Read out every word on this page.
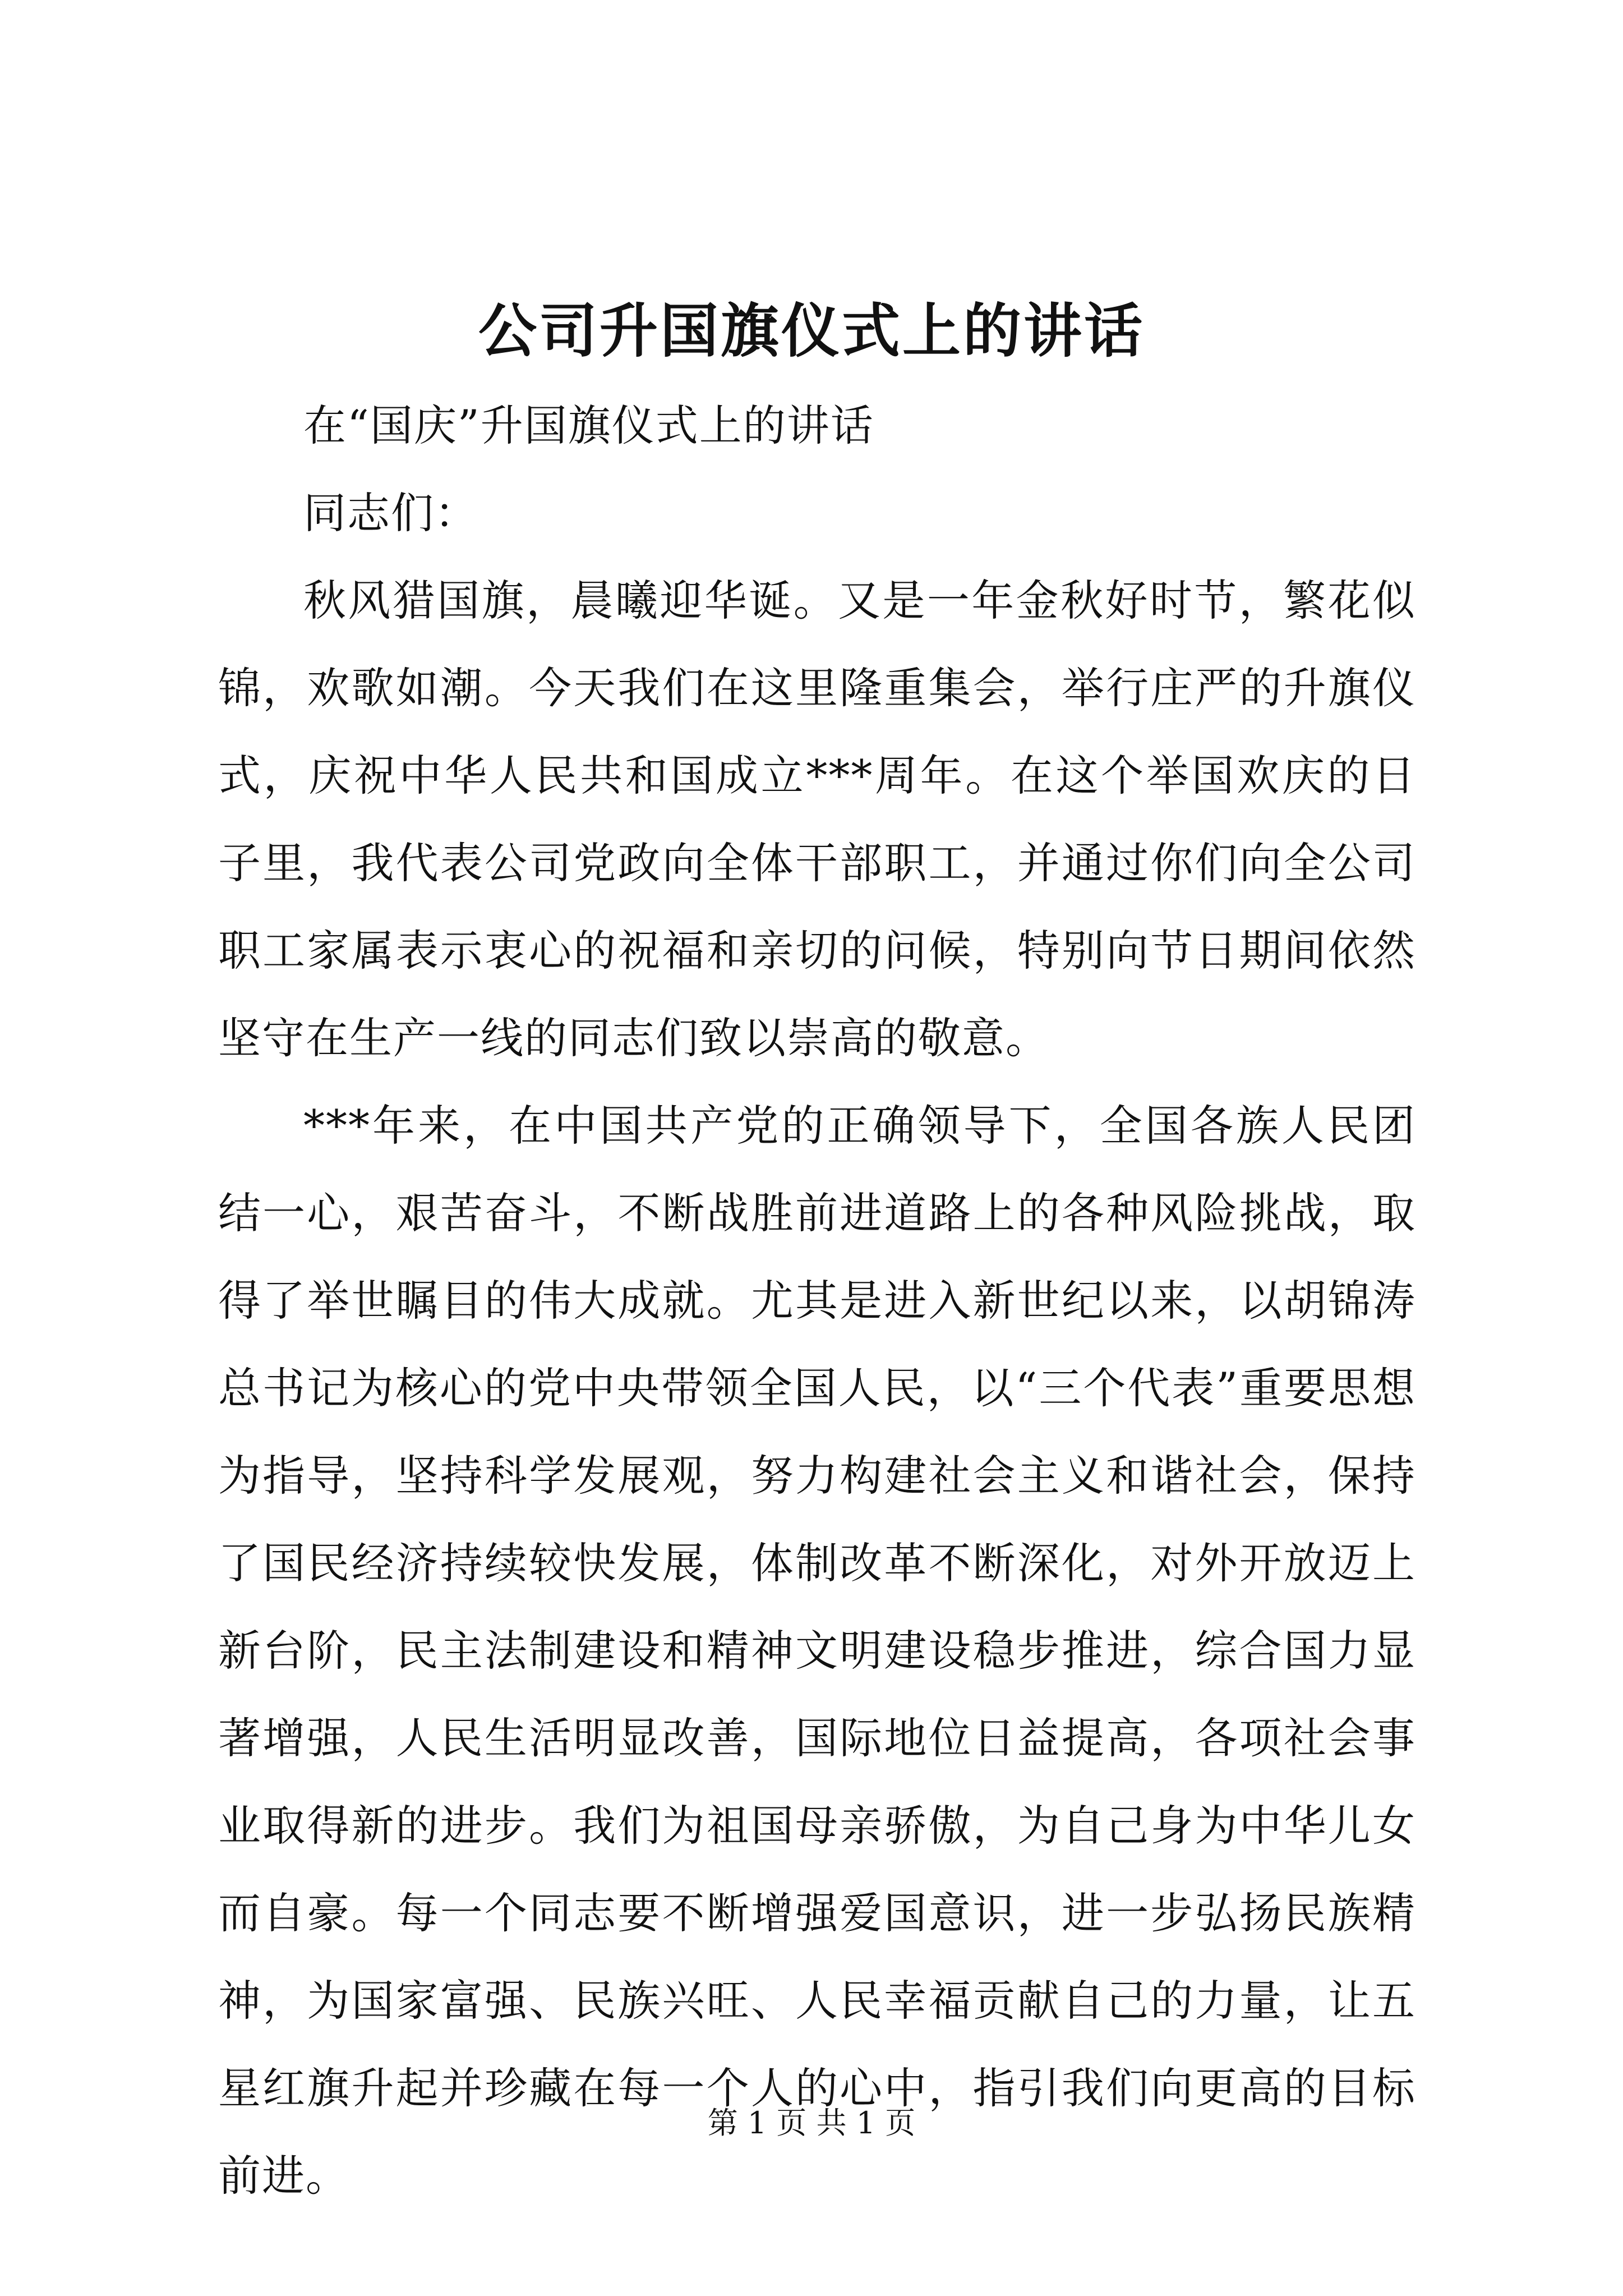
公司升国旗仪式上的讲话

在“国庆”升国旗仪式上的讲话

同志们：

秋风猎国旗，晨曦迎华诞。又是一年金秋好时节，繁花似锦，欢歌如潮。今天我们在这里隆重集会，举行庄严的升旗仪式，庆祝中华人民共和国成立***周年。在这个举国欢庆的日子里，我代表公司党政向全体干部职工，并通过你们向全公司职工家属表示衷心的祝福和亲切的问候，特别向节日期间依然坚守在生产一线的同志们致以崇高的敬意。

***年来，在中国共产党的正确领导下，全国各族人民团结一心，艰苦奋斗，不断战胜前进道路上的各种风险挑战，取得了举世瞩目的伟大成就。尤其是进入新世纪以来，以胡锦涛总书记为核心的党中央带领全国人民，以“三个代表”重要思想为指导，坚持科学发展观，努力构建社会主义和谐社会，保持了国民经济持续较快发展，体制改革不断深化，对外开放迈上新台阶，民主法制建设和精神文明建设稳步推进，综合国力显著增强，人民生活明显改善，国际地位日益提高，各项社会事业取得新的进步。我们为祖国母亲骄傲，为自己身为中华儿女而自豪。每一个同志要不断增强爱国意识，进一步弘扬民族精神，为国家富强、民族兴旺、人民幸福贡献自己的力量，让五星红旗升起并珍藏在每一个人的心中，指引我们向更高的目标前进。

第 1 页 共 1 页
